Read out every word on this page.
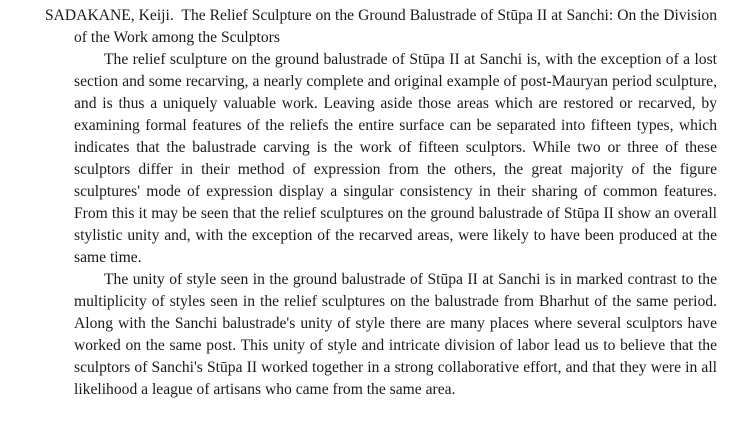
SADAKANE, Keiji. The Relief Sculpture on the Ground Balustrade of Stūpa II at Sanchi: On the Division of the Work among the Sculptors

The relief sculpture on the ground balustrade of Stūpa II at Sanchi is, with the exception of a lost section and some recarving, a nearly complete and original example of post-Mauryan period sculpture, and is thus a uniquely valuable work. Leaving aside those areas which are restored or recarved, by examining formal features of the reliefs the entire surface can be separated into fifteen types, which indicates that the balustrade carving is the work of fifteen sculptors. While two or three of these sculptors differ in their method of expression from the others, the great majority of the figure sculptures' mode of expression display a singular consistency in their sharing of common features. From this it may be seen that the relief sculptures on the ground balustrade of Stūpa II show an overall stylistic unity and, with the exception of the recarved areas, were likely to have been produced at the same time.

The unity of style seen in the ground balustrade of Stūpa II at Sanchi is in marked contrast to the multiplicity of styles seen in the relief sculptures on the balustrade from Bharhut of the same period. Along with the Sanchi balustrade's unity of style there are many places where several sculptors have worked on the same post. This unity of style and intricate division of labor lead us to believe that the sculptors of Sanchi's Stūpa II worked together in a strong collaborative effort, and that they were in all likelihood a league of artisans who came from the same area.
